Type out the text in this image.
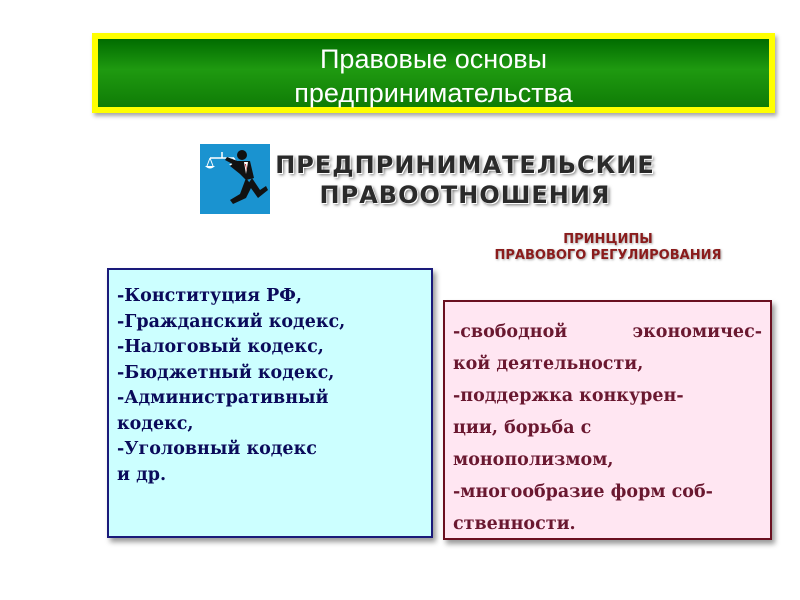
Правовые основы
предпринимательства
ПРЕДПРИНИМАТЕЛЬСКИЕ
ПРАВООТНОШЕНИЯ
ПРИНЦИПЫ
ПРАВОВОГО РЕГУЛИРОВАНИЯ
-Конституция РФ,
-Гражданский кодекс,
-Налоговый кодекс,
-Бюджетный кодекс,
-Административный
кодекс,
-Уголовный кодекс
и др.
-свободной экономичес-
кой деятельности,
-поддержка конкурен-
ции, борьба с
монополизмом,
-многообразие форм соб-
ственности.
